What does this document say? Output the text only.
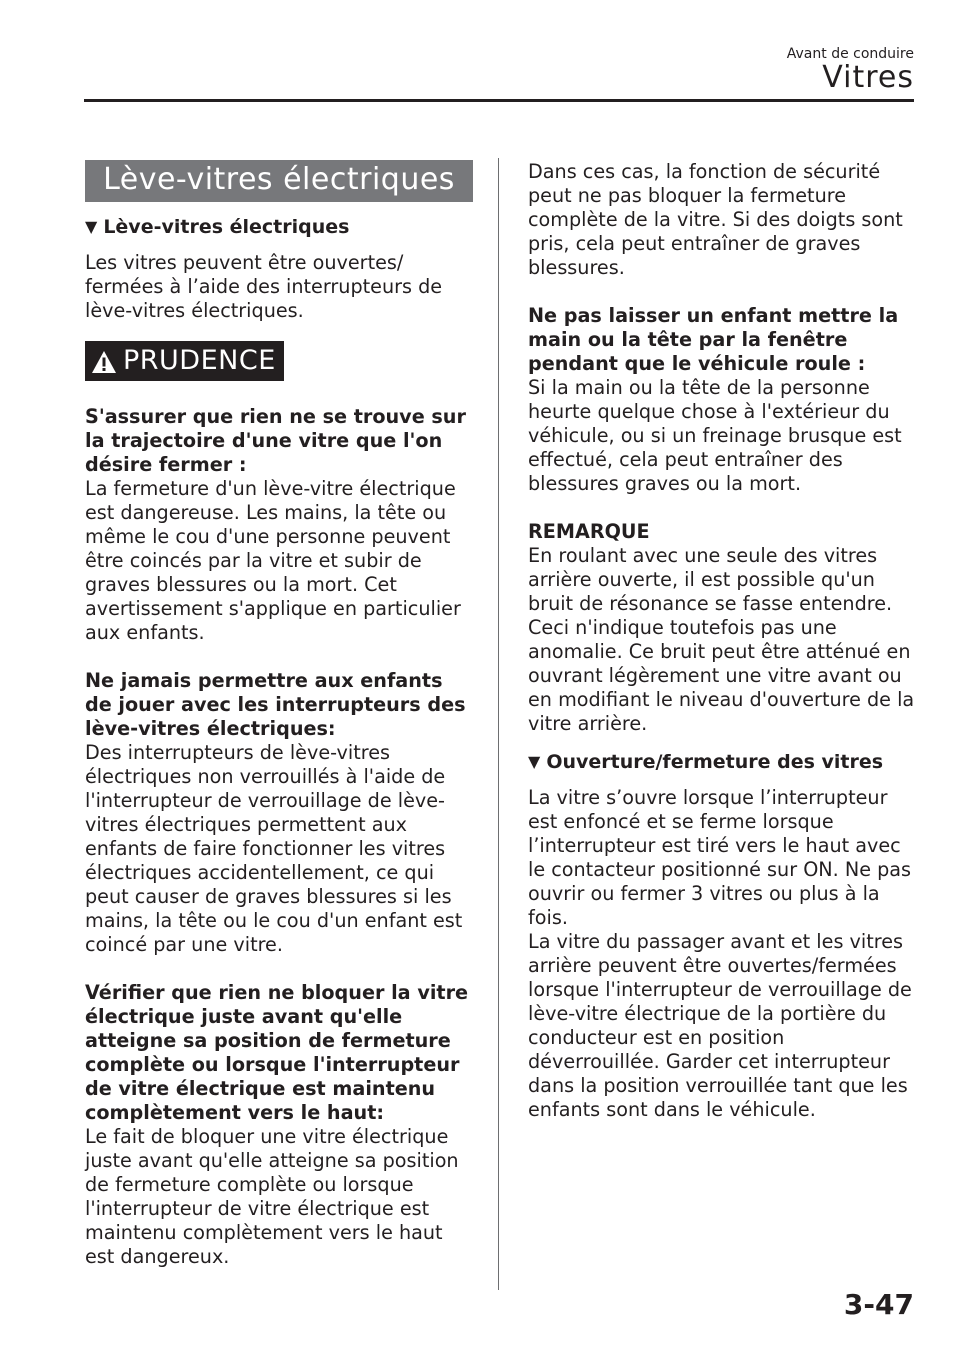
Avant de conduire
Vitres
Lève-vitres électriques
▼ Lève-vitres électriques

Les vitres peuvent être ouvertes/ fermées à l’aide des interrupteurs de lève-vitres électriques.

PRUDENCE

S'assurer que rien ne se trouve sur la trajectoire d'une vitre que l'on désire fermer :

La fermeture d'un lève-vitre électrique est dangereuse. Les mains, la tête ou même le cou d'une personne peuvent être coincés par la vitre et subir de graves blessures ou la mort. Cet avertissement s'applique en particulier aux enfants.

Ne jamais permettre aux enfants de jouer avec les interrupteurs des lève-vitres électriques:

Des interrupteurs de lève-vitres électriques non verrouillés à l'aide de l'interrupteur de verrouillage de lève-vitres électriques permettent aux enfants de faire fonctionner les vitres électriques accidentellement, ce qui peut causer de graves blessures si les mains, la tête ou le cou d'un enfant est coincé par une vitre.

Vérifier que rien ne bloquer la vitre électrique juste avant qu'elle atteigne sa position de fermeture complète ou lorsque l'interrupteur de vitre électrique est maintenu complètement vers le haut:

Le fait de bloquer une vitre électrique juste avant qu'elle atteigne sa position de fermeture complète ou lorsque l'interrupteur de vitre électrique est maintenu complètement vers le haut est dangereux.

Dans ces cas, la fonction de sécurité peut ne pas bloquer la fermeture complète de la vitre. Si des doigts sont pris, cela peut entraîner de graves blessures.

Ne pas laisser un enfant mettre la main ou la tête par la fenêtre pendant que le véhicule roule :

Si la main ou la tête de la personne heurte quelque chose à l'extérieur du véhicule, ou si un freinage brusque est effectué, cela peut entraîner des blessures graves ou la mort.

REMARQUE

En roulant avec une seule des vitres arrière ouverte, il est possible qu'un bruit de résonance se fasse entendre. Ceci n'indique toutefois pas une anomalie. Ce bruit peut être atténué en ouvrant légèrement une vitre avant ou en modifiant le niveau d'ouverture de la vitre arrière.

▼ Ouverture/fermeture des vitres

La vitre s’ouvre lorsque l’interrupteur est enfoncé et se ferme lorsque l’interrupteur est tiré vers le haut avec le contacteur positionné sur ON. Ne pas ouvrir ou fermer 3 vitres ou plus à la fois.

La vitre du passager avant et les vitres arrière peuvent être ouvertes/fermées lorsque l'interrupteur de verrouillage de lève-vitre électrique de la portière du conducteur est en position déverrouillée. Garder cet interrupteur dans la position verrouillée tant que les enfants sont dans le véhicule.

3-47
